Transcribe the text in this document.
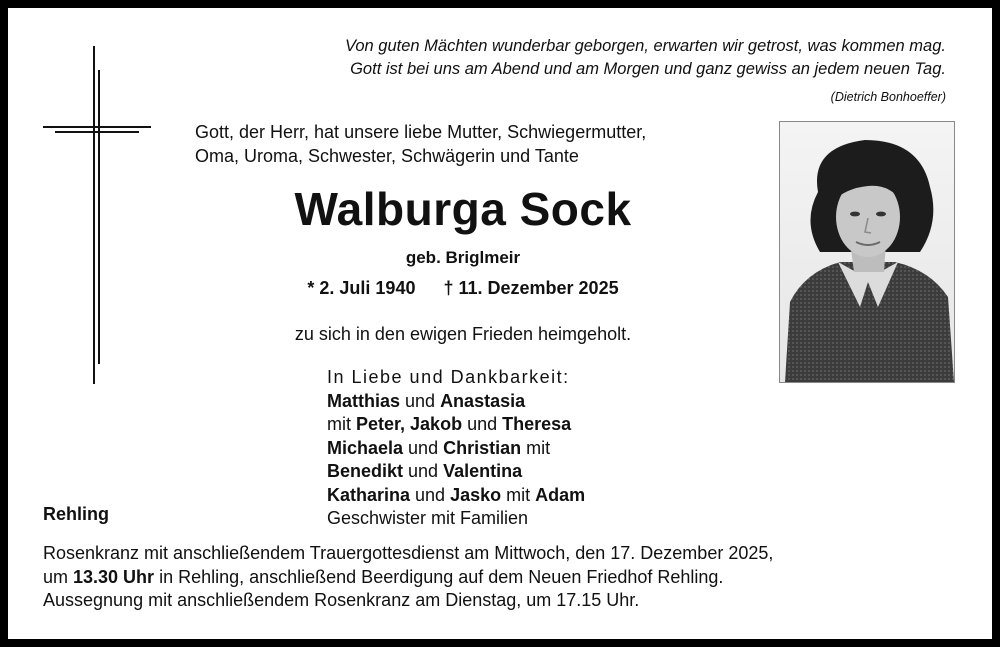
Von guten Mächten wunderbar geborgen, erwarten wir getrost, was kommen mag.
Gott ist bei uns am Abend und am Morgen und ganz gewiss an jedem neuen Tag.
(Dietrich Bonhoeffer)
Gott, der Herr, hat unsere liebe Mutter, Schwiegermutter,
Oma, Uroma, Schwester, Schwägerin und Tante
Walburga Sock
geb. Briglmeir
* 2. Juli 1940 † 11. Dezember 2025
zu sich in den ewigen Frieden heimgeholt.
In Liebe und Dankbarkeit:
Matthias und Anastasia
mit Peter, Jakob und Theresa
Michaela und Christian mit
Benedikt und Valentina
Katharina und Jasko mit Adam
Geschwister mit Familien
Rehling
Rosenkranz mit anschließendem Trauergottesdienst am Mittwoch, den 17. Dezember 2025,
um 13.30 Uhr in Rehling, anschließend Beerdigung auf dem Neuen Friedhof Rehling.
Aussegnung mit anschließendem Rosenkranz am Dienstag, um 17.15 Uhr.
